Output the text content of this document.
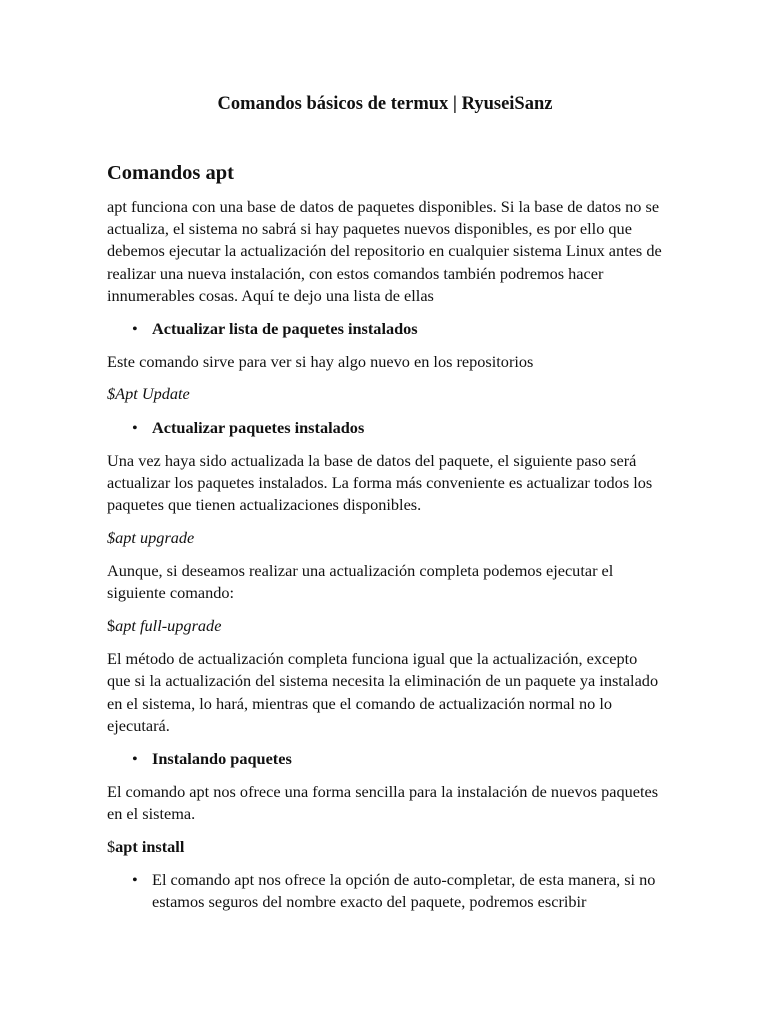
Comandos básicos de termux | RyuseiSanz
Comandos apt

apt funciona con una base de datos de paquetes disponibles. Si la base de datos no se actualiza, el sistema no sabrá si hay paquetes nuevos disponibles, es por ello que debemos ejecutar la actualización del repositorio en cualquier sistema Linux antes de realizar una nueva instalación, con estos comandos también podremos hacer innumerables cosas. Aquí te dejo una lista de ellas

• Actualizar lista de paquetes instalados

Este comando sirve para ver si hay algo nuevo en los repositorios

$Apt Update

• Actualizar paquetes instalados

Una vez haya sido actualizada la base de datos del paquete, el siguiente paso será actualizar los paquetes instalados. La forma más conveniente es actualizar todos los paquetes que tienen actualizaciones disponibles.

$apt upgrade

Aunque, si deseamos realizar una actualización completa podemos ejecutar el siguiente comando:

$apt full-upgrade

El método de actualización completa funciona igual que la actualización, excepto que si la actualización del sistema necesita la eliminación de un paquete ya instalado en el sistema, lo hará, mientras que el comando de actualización normal no lo ejecutará.

• Instalando paquetes

El comando apt nos ofrece una forma sencilla para la instalación de nuevos paquetes en el sistema.

$apt install

• El comando apt nos ofrece la opción de auto-completar, de esta manera, si no estamos seguros del nombre exacto del paquete, podremos escribir
